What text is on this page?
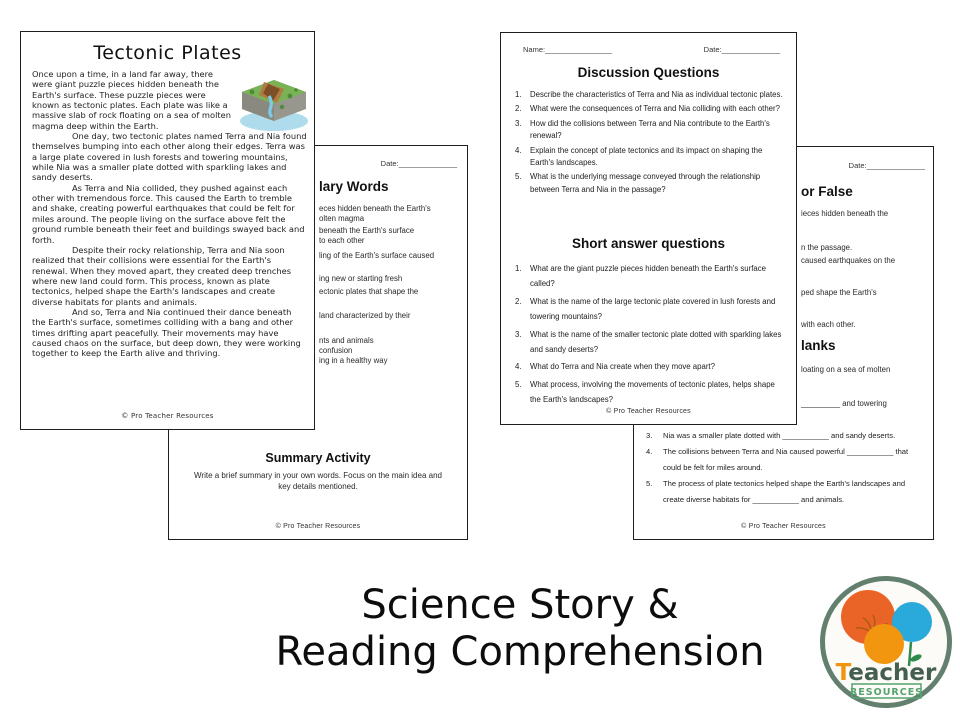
Date:______________
lary Words
eces hidden beneath the Earth's
olten magma
beneath the Earth's surface
to each other
ling of the Earth's surface caused
ing new or starting fresh
ectonic plates that shape the
land characterized by their
nts and animals
confusion
ing in a healthy way
Summary Activity
Write a brief summary in your own words. Focus on the main idea and key details mentioned.
© Pro Teacher Resources
Tectonic Plates

Once upon a time, in a land far away, there were giant puzzle pieces hidden beneath the Earth's surface. These puzzle pieces were known as tectonic plates. Each plate was like a massive slab of rock floating on a sea of molten magma deep within the Earth.

One day, two tectonic plates named Terra and Nia found themselves bumping into each other along their edges. Terra was a large plate covered in lush forests and towering mountains, while Nia was a smaller plate dotted with sparkling lakes and sandy deserts.

As Terra and Nia collided, they pushed against each other with tremendous force. This caused the Earth to tremble and shake, creating powerful earthquakes that could be felt for miles around. The people living on the surface above felt the ground rumble beneath their feet and buildings swayed back and forth.

Despite their rocky relationship, Terra and Nia soon realized that their collisions were essential for the Earth's renewal. When they moved apart, they created deep trenches where new land could form. This process, known as plate tectonics, helped shape the Earth's landscapes and create diverse habitats for plants and animals.

And so, Terra and Nia continued their dance beneath the Earth's surface, sometimes colliding with a bang and other times drifting apart peacefully. Their movements may have caused chaos on the surface, but deep down, they were working together to keep the Earth alive and thriving.

© Pro Teacher Resources
Date:______________
or False
ieces hidden beneath the
n the passage.
caused earthquakes on the
ped shape the Earth's
with each other.
lanks
loating on a sea of molten
_________ and towering
3.	Nia was a smaller plate dotted with ___________ and sandy deserts.
4.	The collisions between Terra and Nia caused powerful ___________ that could be felt for miles around.
5.	The process of plate tectonics helped shape the Earth's landscapes and create diverse habitats for ___________ and animals.
© Pro Teacher Resources
Name:________________	Date:______________
Discussion Questions
1.	Describe the characteristics of Terra and Nia as individual tectonic plates.
2.	What were the consequences of Terra and Nia colliding with each other?
3.	How did the collisions between Terra and Nia contribute to the Earth's renewal?
4.	Explain the concept of plate tectonics and its impact on shaping the Earth's landscapes.
5.	What is the underlying message conveyed through the relationship between Terra and Nia in the passage?
Short answer questions
1.	What are the giant puzzle pieces hidden beneath the Earth's surface called?
2.	What is the name of the large tectonic plate covered in lush forests and towering mountains?
3.	What is the name of the smaller tectonic plate dotted with sparkling lakes and sandy deserts?
4.	What do Terra and Nia create when they move apart?
5.	What process, involving the movements of tectonic plates, helps shape the Earth's landscapes?
© Pro Teacher Resources
Science Story &
Reading Comprehension	Teacher
RESOURCES
